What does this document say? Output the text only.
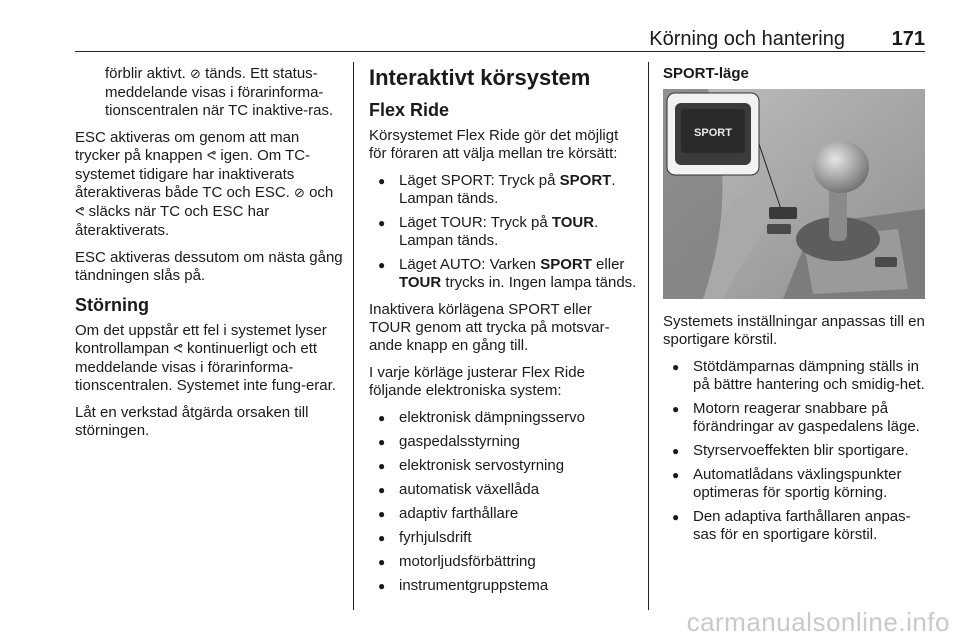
Körning och hantering 171

förblir aktivt. ⊘ tänds. Ett status-meddelande visas i förarinforma-tionscentralen när TC inaktive-ras.

ESC aktiveras om genom att man trycker på knappen ᕙ igen. Om TC-systemet tidigare har inaktiverats återaktiveras både TC och ESC. ⊘ och ᕙ släcks när TC och ESC har återaktiverats.

ESC aktiveras dessutom om nästa gång tändningen slås på.

Störning

Om det uppstår ett fel i systemet lyser kontrollampan ᕙ kontinuerligt och ett meddelande visas i förarinforma-tionscentralen. Systemet inte fung-erar.

Låt en verkstad åtgärda orsaken till störningen.

Interaktivt körsystem
Flex Ride

Körsystemet Flex Ride gör det möjligt för föraren att välja mellan tre körsätt:

● Läget SPORT: Tryck på SPORT. Lampan tänds.
● Läget TOUR: Tryck på TOUR. Lampan tänds.
● Läget AUTO: Varken SPORT eller TOUR trycks in. Ingen lampa tänds.

Inaktivera körlägena SPORT eller TOUR genom att trycka på motsvar-ande knapp en gång till.

I varje körläge justerar Flex Ride följande elektroniska system:

● elektronisk dämpningsservo
● gaspedalsstyrning
● elektronisk servostyrning
● automatisk växellåda
● adaptiv farthållare
● fyrhjulsdrift
● motorljudsförbättring
● instrumentgruppstema
SPORT-läge
SPORT

Systemets inställningar anpassas till en sportigare körstil.

● Stötdämparnas dämpning ställs in på bättre hantering och smidig-het.
● Motorn reagerar snabbare på förändringar av gaspedalens läge.
● Styrservoeffekten blir sportigare.
● Automatlådans växlingspunkter optimeras för sportig körning.
● Den adaptiva farthållaren anpas-sas för en sportigare körstil.
carmanualsonline.info
